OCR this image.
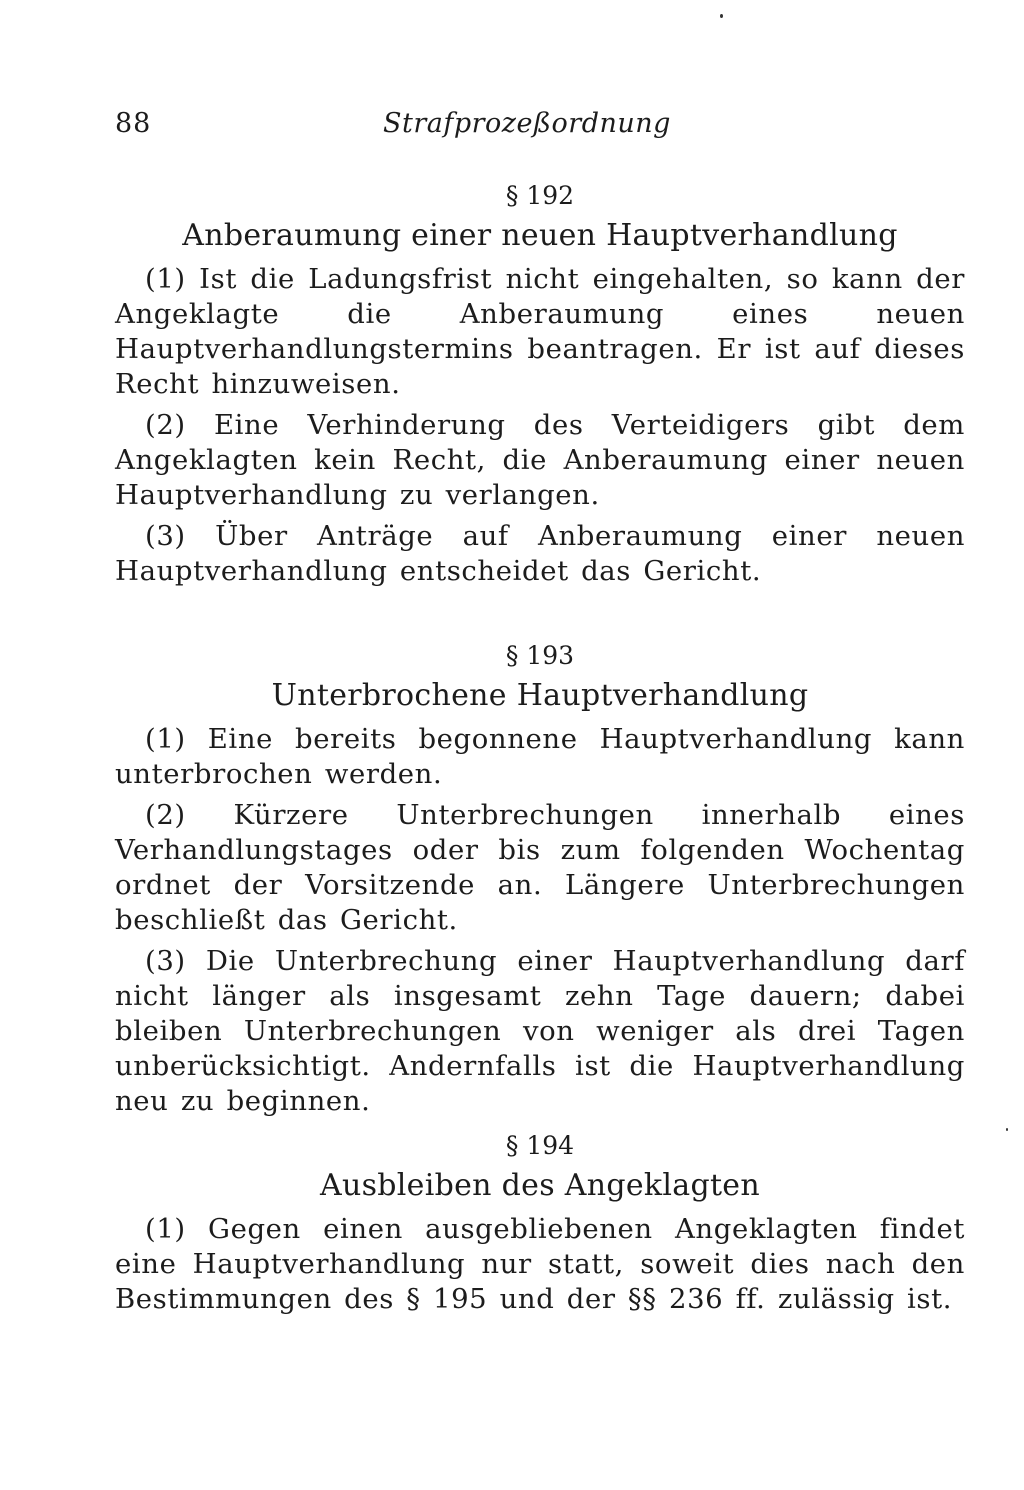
88	Strafprozeßordnung

§ 192

Anberaumung einer neuen Hauptverhandlung

(1) Ist die Ladungsfrist nicht eingehalten, so kann der Angeklagte die Anberaumung eines neuen Hauptverhandlungstermins beantragen. Er ist auf dieses Recht hinzuweisen.

(2) Eine Verhinderung des Verteidigers gibt dem Angeklagten kein Recht, die Anberaumung einer neuen Hauptverhandlung zu verlangen.

(3) Über Anträge auf Anberaumung einer neuen Hauptverhandlung entscheidet das Gericht.

§ 193

Unterbrochene Hauptverhandlung

(1) Eine bereits begonnene Hauptverhandlung kann unterbrochen werden.

(2) Kürzere Unterbrechungen innerhalb eines Verhandlungstages oder bis zum folgenden Wochentag ordnet der Vorsitzende an. Längere Unterbrechungen beschließt das Gericht.

(3) Die Unterbrechung einer Hauptverhandlung darf nicht länger als insgesamt zehn Tage dauern; dabei bleiben Unterbrechungen von weniger als drei Tagen unberücksichtigt. Andernfalls ist die Hauptverhandlung neu zu beginnen.

§ 194

Ausbleiben des Angeklagten

(1) Gegen einen ausgebliebenen Angeklagten findet eine Hauptverhandlung nur statt, soweit dies nach den Bestimmungen des § 195 und der §§ 236 ff. zulässig ist.
